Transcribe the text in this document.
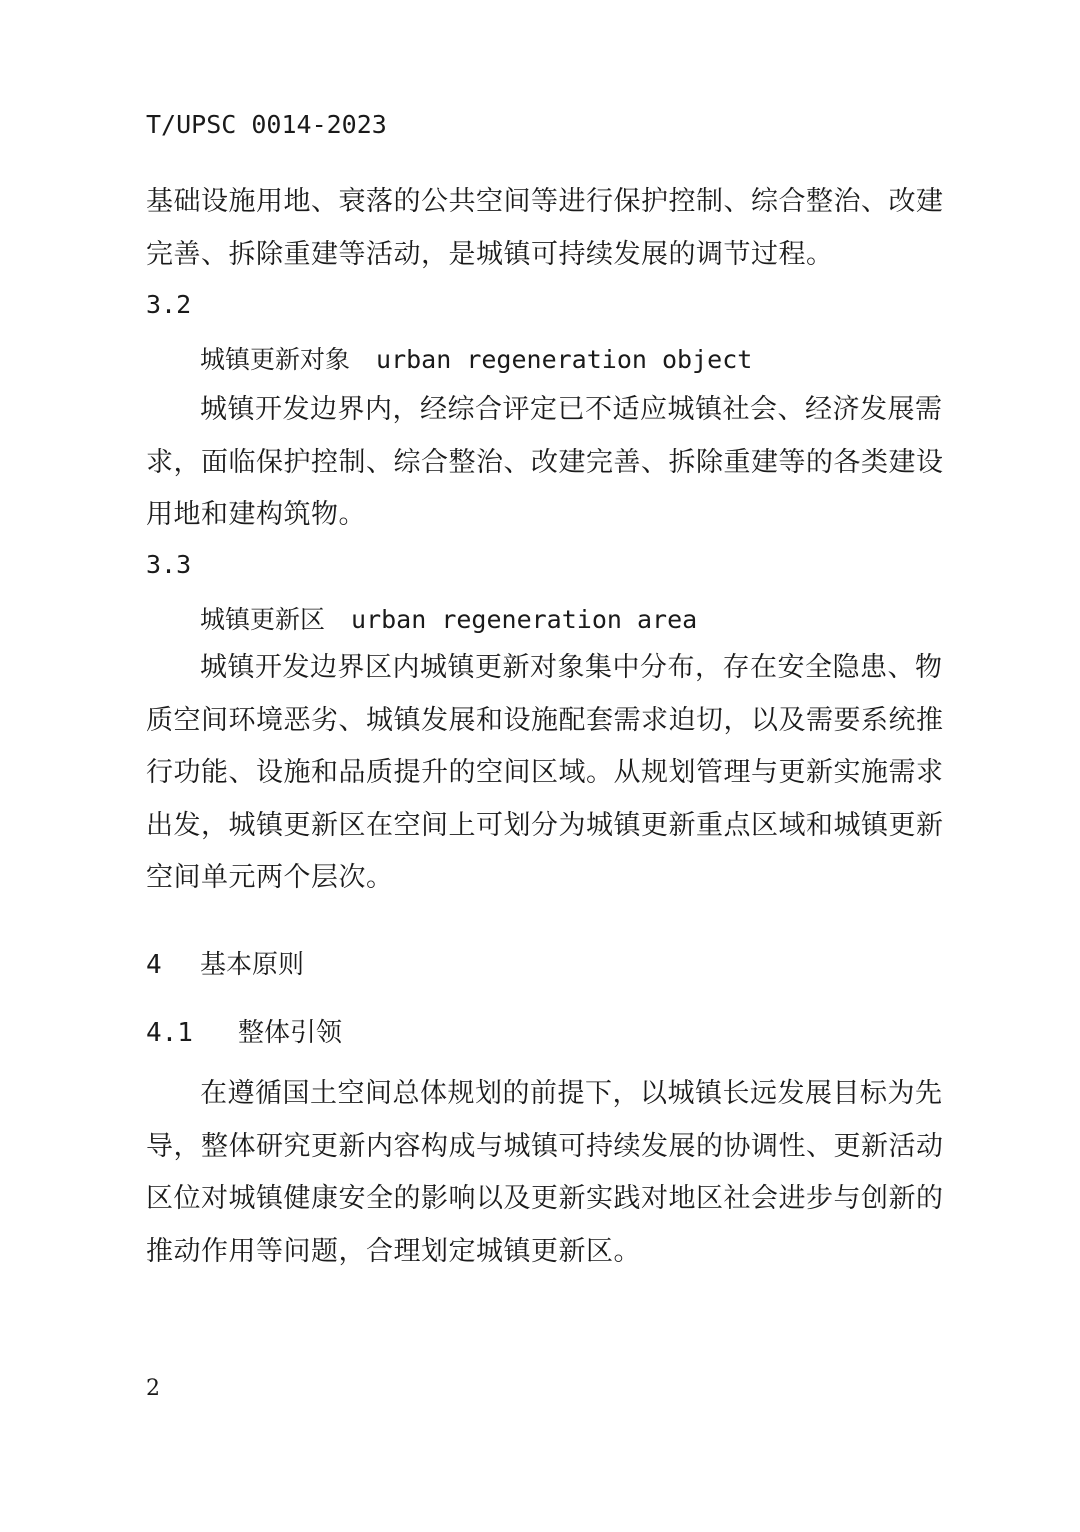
T/UPSC 0014-2023
基础设施用地、衰落的公共空间等进行保护控制、综合整治、改建完善、拆除重建等活动，是城镇可持续发展的调节过程。
3.2
城镇更新对象 urban regeneration object
城镇开发边界内，经综合评定已不适应城镇社会、经济发展需求，面临保护控制、综合整治、改建完善、拆除重建等的各类建设用地和建构筑物。
3.3
城镇更新区 urban regeneration area
城镇开发边界区内城镇更新对象集中分布，存在安全隐患、物质空间环境恶劣、城镇发展和设施配套需求迫切，以及需要系统推行功能、设施和品质提升的空间区域。从规划管理与更新实施需求出发，城镇更新区在空间上可划分为城镇更新重点区域和城镇更新空间单元两个层次。
4 基本原则
4.1 整体引领
在遵循国土空间总体规划的前提下，以城镇长远发展目标为先导，整体研究更新内容构成与城镇可持续发展的协调性、更新活动区位对城镇健康安全的影响以及更新实践对地区社会进步与创新的推动作用等问题，合理划定城镇更新区。
2
